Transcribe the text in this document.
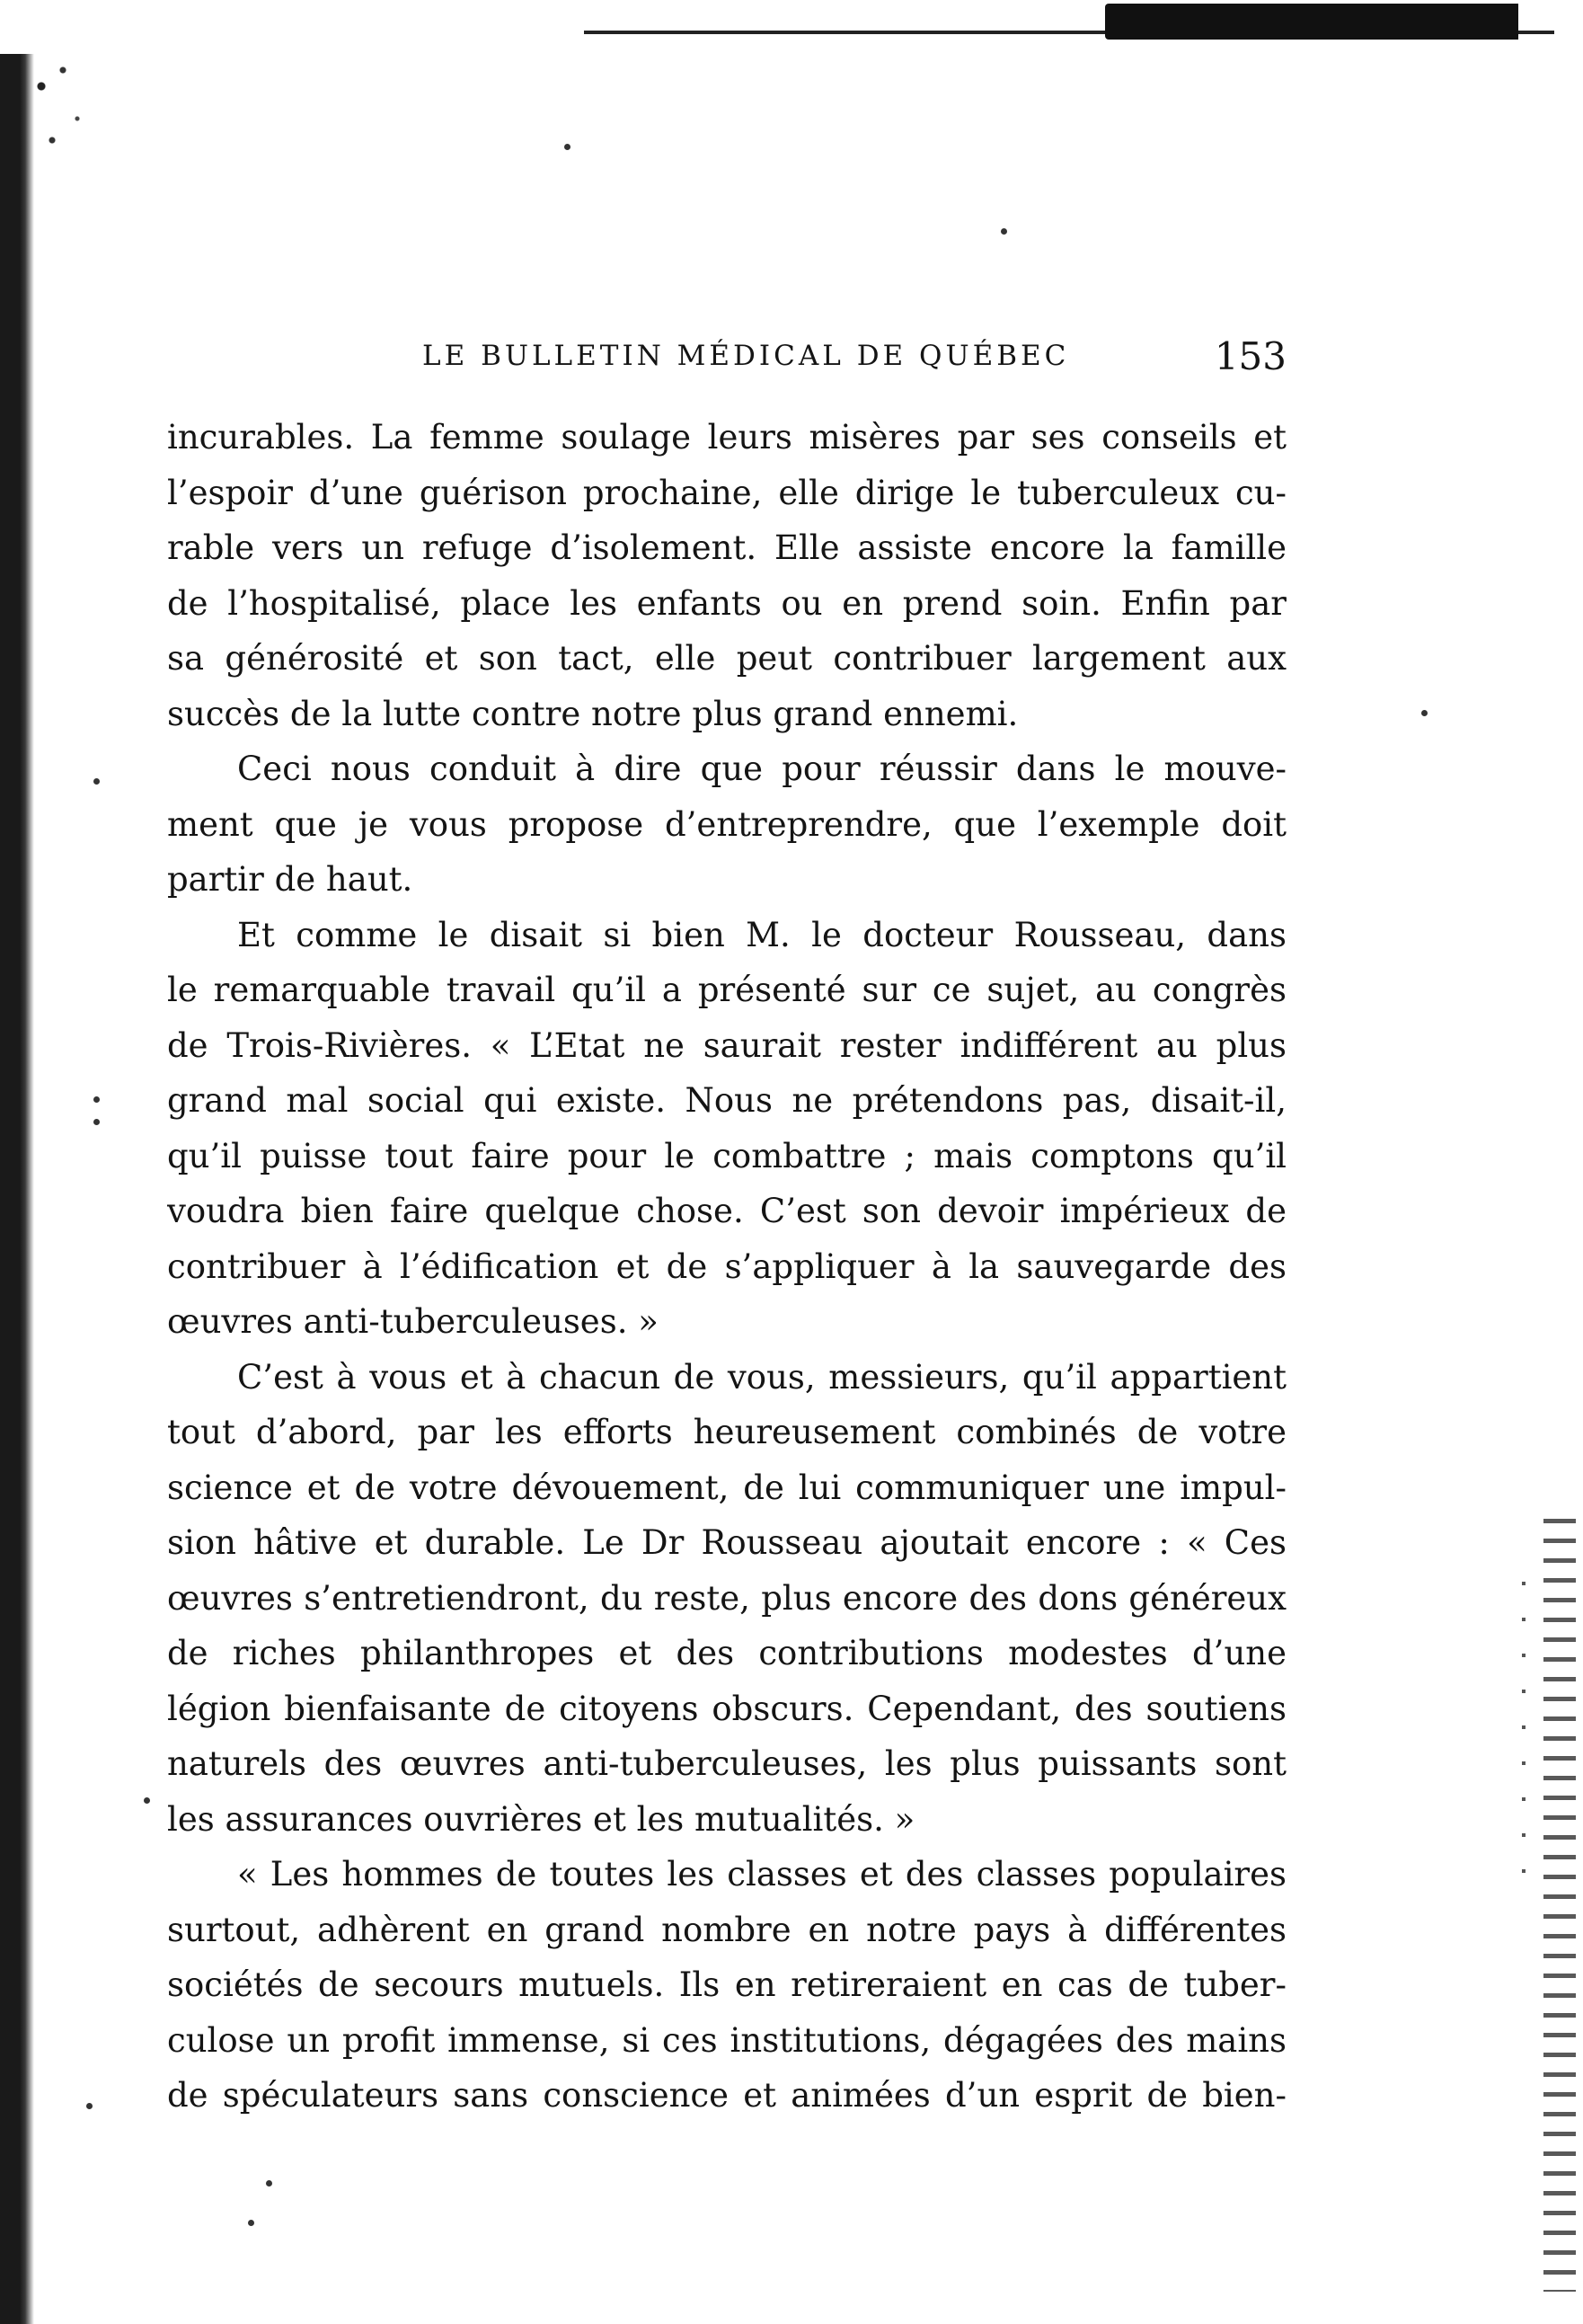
LE BULLETIN MÉDICAL DE QUÉBEC	153
incurables. La femme soulage leurs misères par ses conseils et
l’espoir d’une guérison prochaine, elle dirige le tuberculeux cu-
rable vers un refuge d’isolement. Elle assiste encore la famille
de l’hospitalisé, place les enfants ou en prend soin. Enfin par
sa générosité et son tact, elle peut contribuer largement aux
succès de la lutte contre notre plus grand ennemi.
Ceci nous conduit à dire que pour réussir dans le mouve-
ment que je vous propose d’entreprendre, que l’exemple doit
partir de haut.
Et comme le disait si bien M. le docteur Rousseau, dans
le remarquable travail qu’il a présenté sur ce sujet, au congrès
de Trois-Rivières. « L’Etat ne saurait rester indifférent au plus
grand mal social qui existe. Nous ne prétendons pas, disait-il,
qu’il puisse tout faire pour le combattre ; mais comptons qu’il
voudra bien faire quelque chose. C’est son devoir impérieux de
contribuer à l’édification et de s’appliquer à la sauvegarde des
œuvres anti-tuberculeuses. »
C’est à vous et à chacun de vous, messieurs, qu’il appartient
tout d’abord, par les efforts heureusement combinés de votre
science et de votre dévouement, de lui communiquer une impul-
sion hâtive et durable. Le Dr Rousseau ajoutait encore : « Ces
œuvres s’entretiendront, du reste, plus encore des dons généreux
de riches philanthropes et des contributions modestes d’une
légion bienfaisante de citoyens obscurs. Cependant, des soutiens
naturels des œuvres anti-tuberculeuses, les plus puissants sont
les assurances ouvrières et les mutualités. »
« Les hommes de toutes les classes et des classes populaires
surtout, adhèrent en grand nombre en notre pays à différentes
sociétés de secours mutuels. Ils en retireraient en cas de tuber-
culose un profit immense, si ces institutions, dégagées des mains
de spéculateurs sans conscience et animées d’un esprit de bien-
